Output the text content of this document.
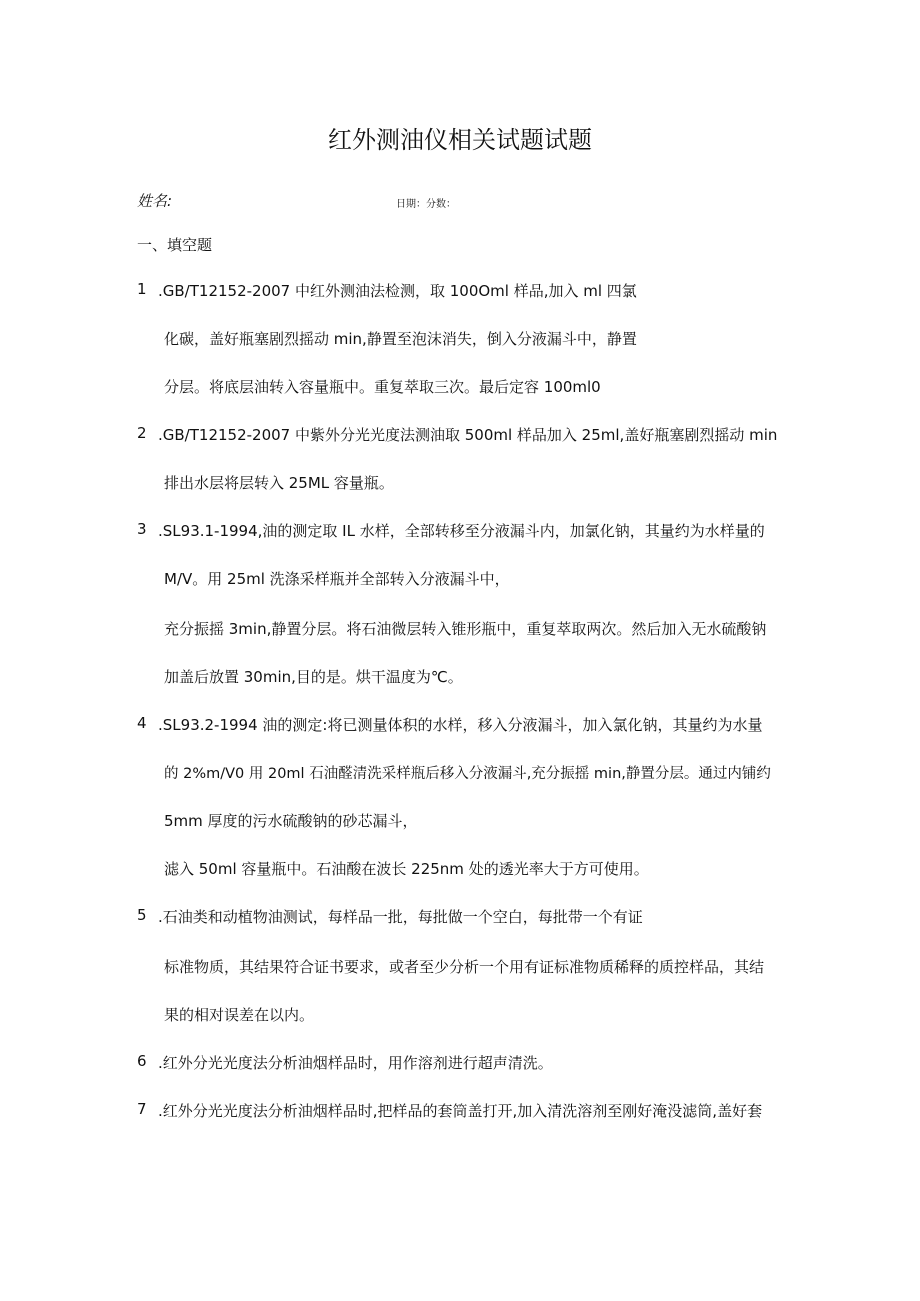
红外测油仪相关试题试题
姓名:	日期：分数：
一、填空题
1 .GB/T12152-2007 中红外测油法检测，取 100Oml 样品,加入 ml 四氯
化碳，盖好瓶塞剧烈摇动 min,静置至泡沫消失，倒入分液漏斗中，静置
分层。将底层油转入容量瓶中。重复萃取三次。最后定容 100ml0
2 .GB/T12152-2007 中紫外分光光度法测油取 500ml 样品加入 25ml,盖好瓶塞剧烈摇动 min
排出水层将层转入 25ML 容量瓶。
3 .SL93.1-1994,油的测定取 IL 水样，全部转移至分液漏斗内，加氯化钠，其量约为水样量的
M/V。用 25ml 洗涤采样瓶并全部转入分液漏斗中，
充分振摇 3min,静置分层。将石油微层转入锥形瓶中，重复萃取两次。然后加入无水硫酸钠
加盖后放置 30min,目的是。烘干温度为℃。
4 .SL93.2-1994 油的测定:将已测量体积的水样，移入分液漏斗，加入氯化钠，其量约为水量
的 2%m/V0 用 20ml 石油醛清洗采样瓶后移入分液漏斗,充分振摇 min,静置分层。通过内铺约
5mm 厚度的污水硫酸钠的砂芯漏斗，
滤入 50ml 容量瓶中。石油酸在波长 225nm 处的透光率大于方可使用。
5 .石油类和动植物油测试，每样品一批，每批做一个空白，每批带一个有证
标准物质，其结果符合证书要求，或者至少分析一个用有证标准物质稀释的质控样品，其结
果的相对误差在以内。
6 .红外分光光度法分析油烟样品时，用作溶剂进行超声清洗。
7 .红外分光光度法分析油烟样品时,把样品的套筒盖打开,加入清洗溶剂至刚好淹没滤筒,盖好套
